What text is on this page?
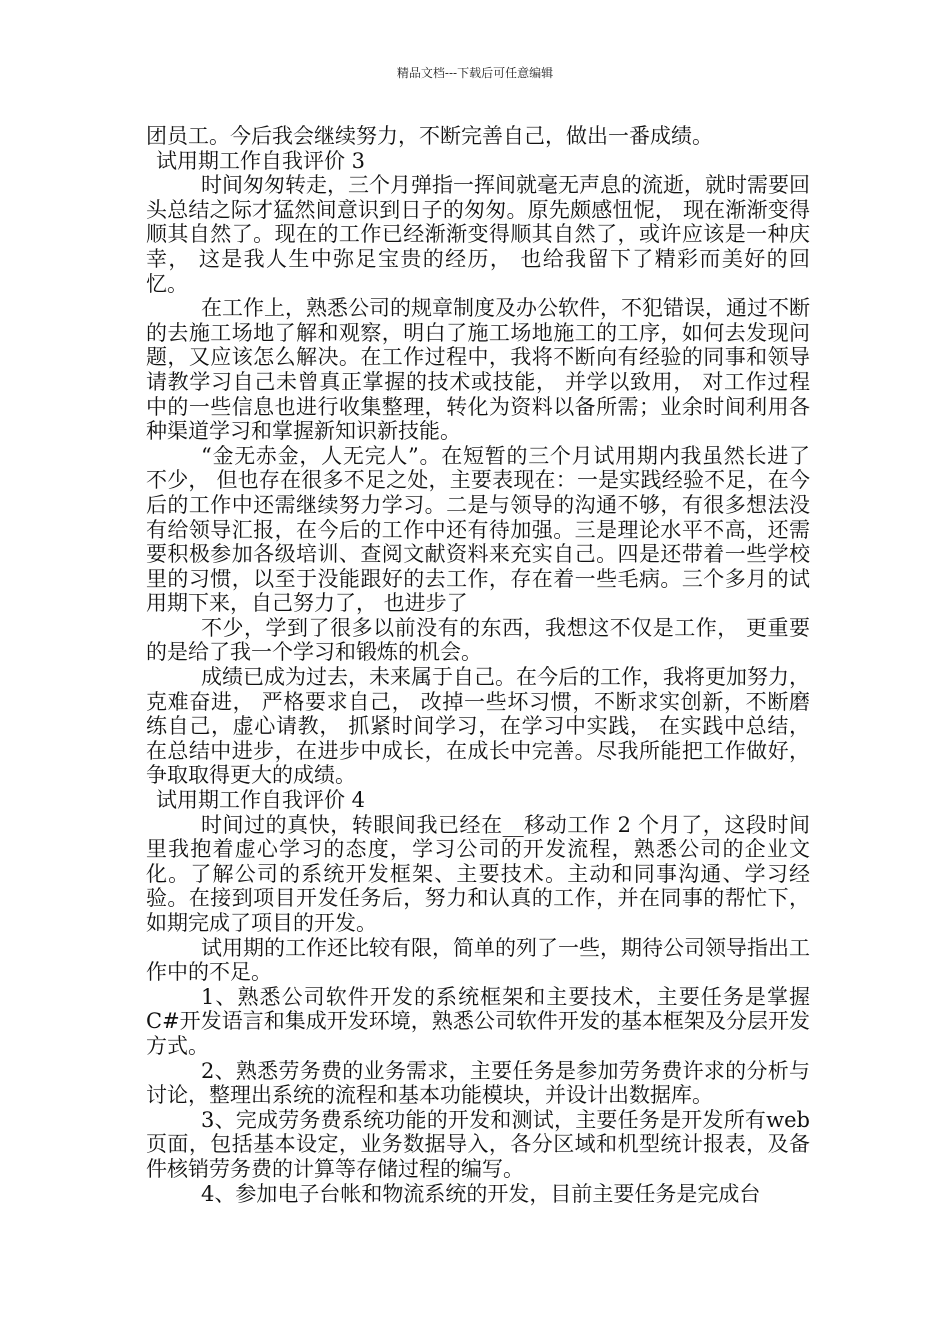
精品文档---下载后可任意编辑

团员工。今后我会继续努力，不断完善自己，做出一番成绩。

试用期工作自我评价 3

时间匆匆转走，三个月弹指一挥间就毫无声息的流逝，就时需要回头总结之际才猛然间意识到日子的匆匆。原先颇感忸怩， 现在渐渐变得顺其自然了。现在的工作已经渐渐变得顺其自然了，或许应该是一种庆幸， 这是我人生中弥足宝贵的经历， 也给我留下了精彩而美好的回忆。

在工作上，熟悉公司的规章制度及办公软件，不犯错误，通过不断的去施工场地了解和观察，明白了施工场地施工的工序，如何去发现问题，又应该怎么解决。在工作过程中，我将不断向有经验的同事和领导请教学习自己未曾真正掌握的技术或技能， 并学以致用， 对工作过程中的一些信息也进行收集整理，转化为资料以备所需；业余时间利用各种渠道学习和掌握新知识新技能。

“金无赤金，人无完人”。在短暂的三个月试用期内我虽然长进了不少， 但也存在很多不足之处，主要表现在：一是实践经验不足，在今后的工作中还需继续努力学习。二是与领导的沟通不够，有很多想法没有给领导汇报，在今后的工作中还有待加强。三是理论水平不高，还需要积极参加各级培训、查阅文献资料来充实自己。四是还带着一些学校里的习惯，以至于没能跟好的去工作，存在着一些毛病。三个多月的试用期下来，自己努力了， 也进步了

不少，学到了很多以前没有的东西，我想这不仅是工作， 更重要的是给了我一个学习和锻炼的机会。

成绩已成为过去，未来属于自己。在今后的工作，我将更加努力，克难奋进， 严格要求自己， 改掉一些坏习惯，不断求实创新，不断磨练自己，虚心请教， 抓紧时间学习，在学习中实践， 在实践中总结，在总结中进步，在进步中成长，在成长中完善。尽我所能把工作做好，争取取得更大的成绩。

试用期工作自我评价 4

时间过的真快，转眼间我已经在__移动工作 2 个月了，这段时间里我抱着虚心学习的态度，学习公司的开发流程，熟悉公司的企业文化。了解公司的系统开发框架、主要技术。主动和同事沟通、学习经验。在接到项目开发任务后，努力和认真的工作，并在同事的帮忙下，如期完成了项目的开发。

试用期的工作还比较有限，简单的列了一些，期待公司领导指出工作中的不足。

1、熟悉公司软件开发的系统框架和主要技术，主要任务是掌握 C#开发语言和集成开发环境，熟悉公司软件开发的基本框架及分层开发方式。

2、熟悉劳务费的业务需求，主要任务是参加劳务费许求的分析与讨论，整理出系统的流程和基本功能模块，并设计出数据库。

3、完成劳务费系统功能的开发和测试，主要任务是开发所有web 页面，包括基本设定，业务数据导入，各分区域和机型统计报表，及备件核销劳务费的计算等存储过程的编写。

4、参加电子台帐和物流系统的开发，目前主要任务是完成台
